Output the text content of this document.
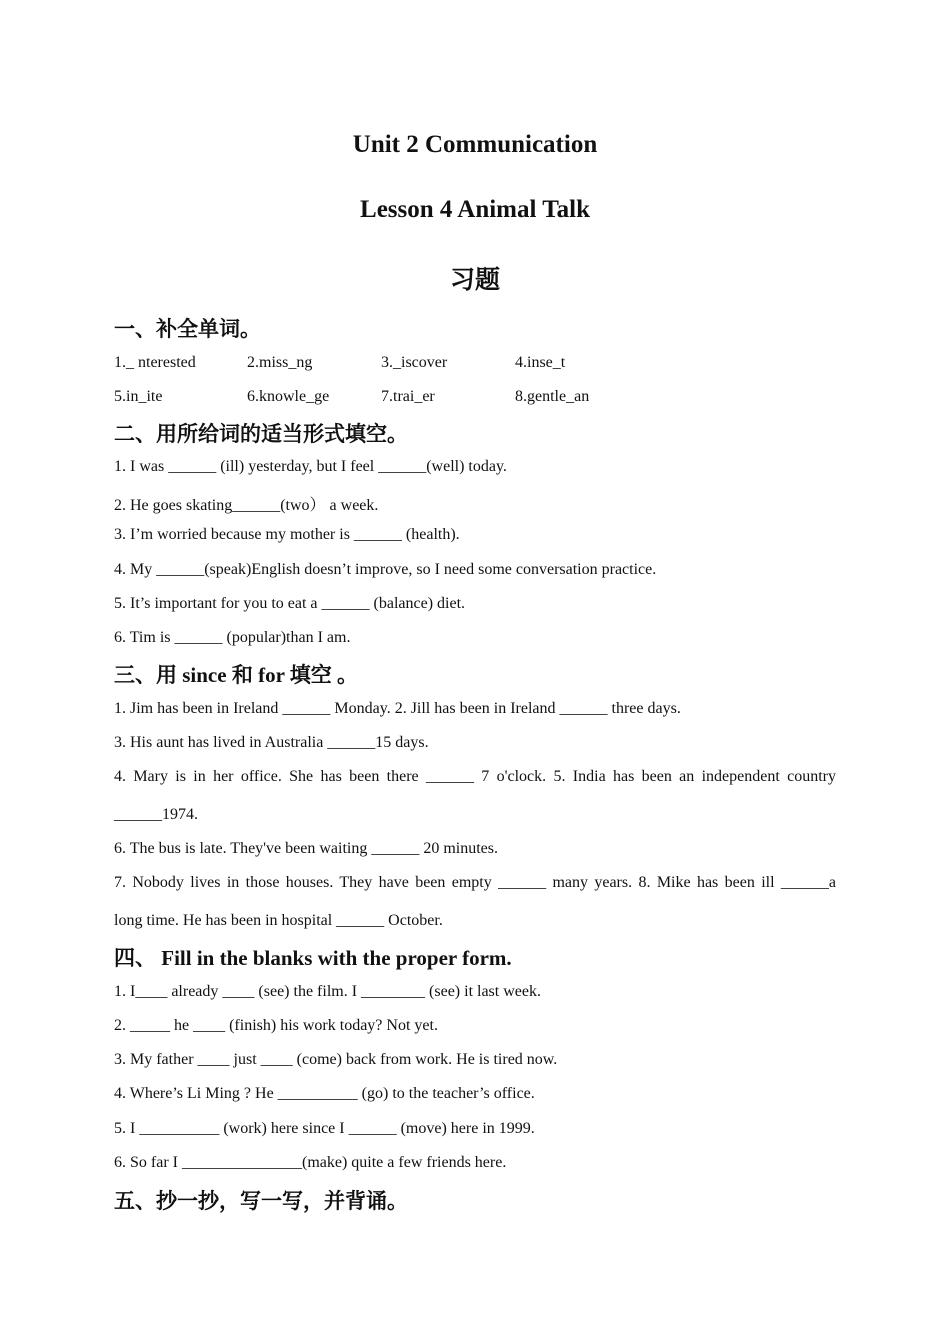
Unit 2 Communication
Lesson 4 Animal Talk
习题
一、补全单词。
1._ nterested	2.miss_ng	3._iscover	4.inse_t
5.in_ite	6.knowle_ge	7.trai_er	8.gentle_an
二、用所给词的适当形式填空。
1. I was ______ (ill) yesterday, but I feel ______(well) today.
2. He goes skating______(two） a week.
3. I’m worried because my mother is ______ (health).
4. My ______(speak)English doesn’t improve, so I need some conversation practice.
5. It’s important for you to eat a ______ (balance) diet.
6. Tim is ______ (popular)than I am.
三、用 since 和 for 填空 。
1. Jim has been in Ireland ______ Monday. 2. Jill has been in Ireland ______ three days.
3. His aunt has lived in Australia ______15 days.
4. Mary is in her office. She has been there ______ 7 o'clock. 5. India has been an independent country
______1974.
6. The bus is late. They've been waiting ______ 20 minutes.
7. Nobody lives in those houses. They have been empty ______ many years. 8. Mike has been ill ______a
long time. He has been in hospital ______ October.
四、 Fill in the blanks with the proper form.
1. I____ already ____ (see) the film. I ________ (see) it last week.
2. _____ he ____ (finish) his work today? Not yet.
3. My father ____ just ____ (come) back from work. He is tired now.
4. Where’s Li Ming ? He __________ (go) to the teacher’s office.
5. I __________ (work) here since I ______ (move) here in 1999.
6. So far I _______________(make) quite a few friends here.
五、抄一抄，写一写，并背诵。
